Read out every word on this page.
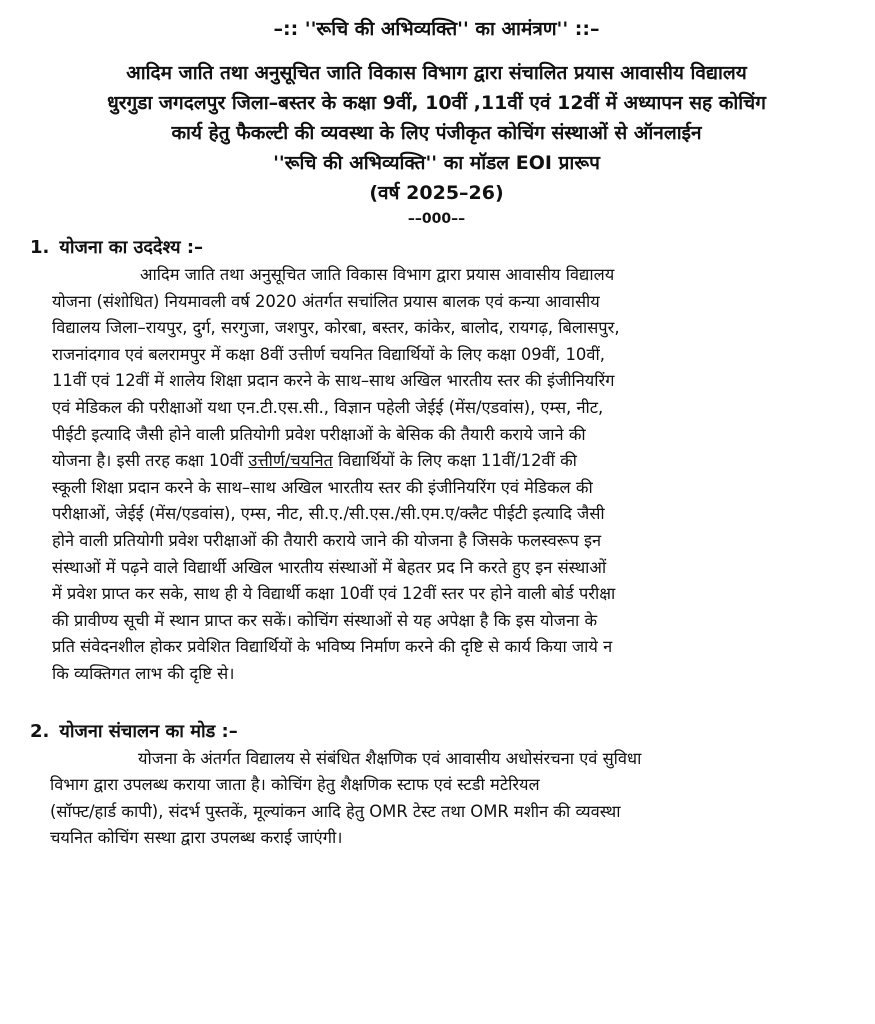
–:: ''रूचि की अभिव्यक्ति'' का आमंत्रण'' ::–
आदिम जाति तथा अनुसूचित जाति विकास विभाग द्वारा संचालित प्रयास आवासीय विद्यालय
धुरगुडा जगदलपुर जिला–बस्तर के कक्षा 9वीं, 10वीं ,11वीं एवं 12वीं में अध्यापन सह कोचिंग
कार्य हेतु फैकल्टी की व्यवस्था के लिए पंजीकृत कोचिंग संस्थाओं से ऑनलाईन
''रूचि की अभिव्यक्ति'' का मॉडल EOI प्रारूप
(वर्ष 2025–26)
––000––
1. योजना का उददेश्य :–
आदिम जाति तथा अनुसूचित जाति विकास विभाग द्वारा प्रयास आवासीय विद्यालय
योजना (संशोधित) नियमावली वर्ष 2020 अंतर्गत सचांलित प्रयास बालक एवं कन्या आवासीय
विद्यालय जिला–रायपुर, दुर्ग, सरगुजा, जशपुर, कोरबा, बस्तर, कांकेर, बालोद, रायगढ़, बिलासपुर,
राजनांदगाव एवं बलरामपुर में कक्षा 8वीं उत्तीर्ण चयनित विद्यार्थियों के लिए कक्षा 09वीं, 10वीं,
11वीं एवं 12वीं में शालेय शिक्षा प्रदान करने के साथ–साथ अखिल भारतीय स्तर की इंजीनियरिंग
एवं मेडिकल की परीक्षाओं यथा एन.टी.एस.सी., विज्ञान पहेली जेईई (मेंस/एडवांस), एम्स, नीट,
पीईटी इत्यादि जैसी होने वाली प्रतियोगी प्रवेश परीक्षाओं के बेसिक की तैयारी कराये जाने की
योजना है। इसी तरह कक्षा 10वीं उत्तीर्ण/चयनित विद्यार्थियों के लिए कक्षा 11वीं/12वीं की
स्कूली शिक्षा प्रदान करने के साथ–साथ अखिल भारतीय स्तर की इंजीनियरिंग एवं मेडिकल की
परीक्षाओं, जेईई (मेंस/एडवांस), एम्स, नीट, सी.ए./सी.एस./सी.एम.ए/क्लैट पीईटी इत्यादि जैसी
होने वाली प्रतियोगी प्रवेश परीक्षाओं की तैयारी कराये जाने की योजना है जिसके फलस्वरूप इन
संस्थाओं में पढ़ने वाले विद्यार्थी अखिल भारतीय संस्थाओं में बेहतर प्रद नि करते हुए इन संस्थाओं
में प्रवेश प्राप्त कर सके, साथ ही ये विद्यार्थी कक्षा 10वीं एवं 12वीं स्तर पर होने वाली बोर्ड परीक्षा
की प्रावीण्य सूची में स्थान प्राप्त कर सकें। कोचिंग संस्थाओं से यह अपेक्षा है कि इस योजना के
प्रति संवेदनशील होकर प्रवेशित विद्यार्थियों के भविष्य निर्माण करने की दृष्टि से कार्य किया जाये न
कि व्यक्तिगत लाभ की दृष्टि से।
2. योजना संचालन का मोड :–
योजना के अंतर्गत विद्यालय से संबंधित शैक्षणिक एवं आवासीय अधोसंरचना एवं सुविधा
विभाग द्वारा उपलब्ध कराया जाता है। कोचिंग हेतु शैक्षणिक स्टाफ एवं स्टडी मटेरियल
(सॉफ्ट/हार्ड कापी), संदर्भ पुस्तकें, मूल्यांकन आदि हेतु OMR टेस्ट तथा OMR मशीन की व्यवस्था
चयनित कोचिंग सस्था द्वारा उपलब्ध कराई जाएंगी।
